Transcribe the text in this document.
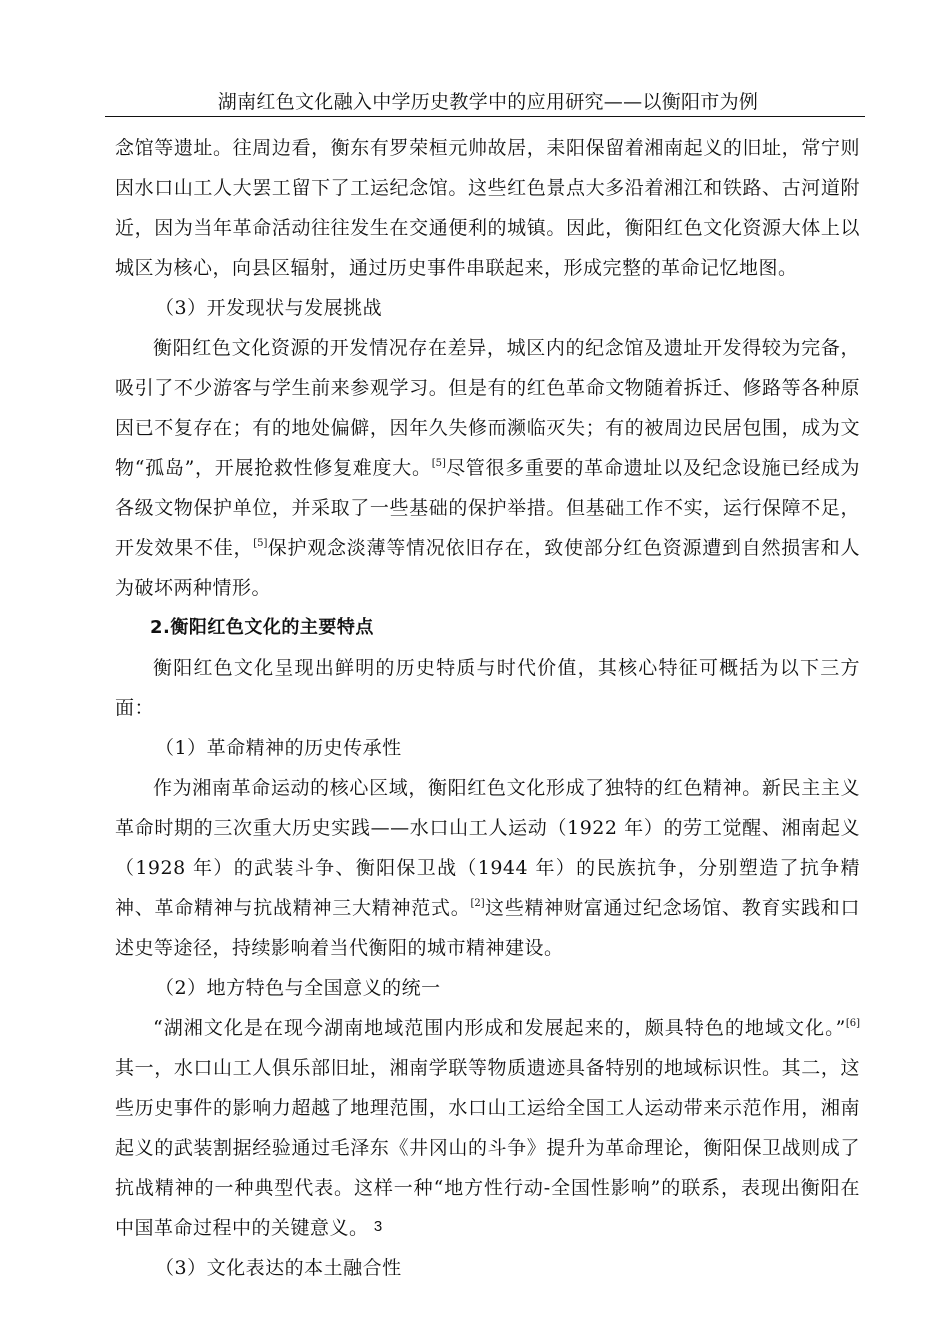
湖南红色文化融入中学历史教学中的应用研究——以衡阳市为例

念馆等遗址。往周边看，衡东有罗荣桓元帅故居，耒阳保留着湘南起义的旧址，常宁则因水口山工人大罢工留下了工运纪念馆。这些红色景点大多沿着湘江和铁路、古河道附近，因为当年革命活动往往发生在交通便利的城镇。因此，衡阳红色文化资源大体上以城区为核心，向县区辐射，通过历史事件串联起来，形成完整的革命记忆地图。

（3）开发现状与发展挑战

衡阳红色文化资源的开发情况存在差异，城区内的纪念馆及遗址开发得较为完备，吸引了不少游客与学生前来参观学习。但是有的红色革命文物随着拆迁、修路等各种原因已不复存在；有的地处偏僻，因年久失修而濒临灭失；有的被周边民居包围，成为文物“孤岛”，开展抢救性修复难度大。[5]尽管很多重要的革命遗址以及纪念设施已经成为各级文物保护单位，并采取了一些基础的保护举措。但基础工作不实，运行保障不足，开发效果不佳，[5]保护观念淡薄等情况依旧存在，致使部分红色资源遭到自然损害和人为破坏两种情形。

2.衡阳红色文化的主要特点

衡阳红色文化呈现出鲜明的历史特质与时代价值，其核心特征可概括为以下三方面：

（1）革命精神的历史传承性

作为湘南革命运动的核心区域，衡阳红色文化形成了独特的红色精神。新民主主义革命时期的三次重大历史实践——水口山工人运动（1922 年）的劳工觉醒、湘南起义（1928 年）的武装斗争、衡阳保卫战（1944 年）的民族抗争，分别塑造了抗争精神、革命精神与抗战精神三大精神范式。[2]这些精神财富通过纪念场馆、教育实践和口述史等途径，持续影响着当代衡阳的城市精神建设。

（2）地方特色与全国意义的统一

“湖湘文化是在现今湖南地域范围内形成和发展起来的，颇具特色的地域文化。”[6]其一，水口山工人俱乐部旧址，湘南学联等物质遗迹具备特别的地域标识性。其二，这些历史事件的影响力超越了地理范围，水口山工运给全国工人运动带来示范作用，湘南起义的武装割据经验通过毛泽东《井冈山的斗争》提升为革命理论，衡阳保卫战则成了抗战精神的一种典型代表。这样一种“地方性行动-全国性影响”的联系，表现出衡阳在中国革命过程中的关键意义。

（3）文化表达的本土融合性

3
